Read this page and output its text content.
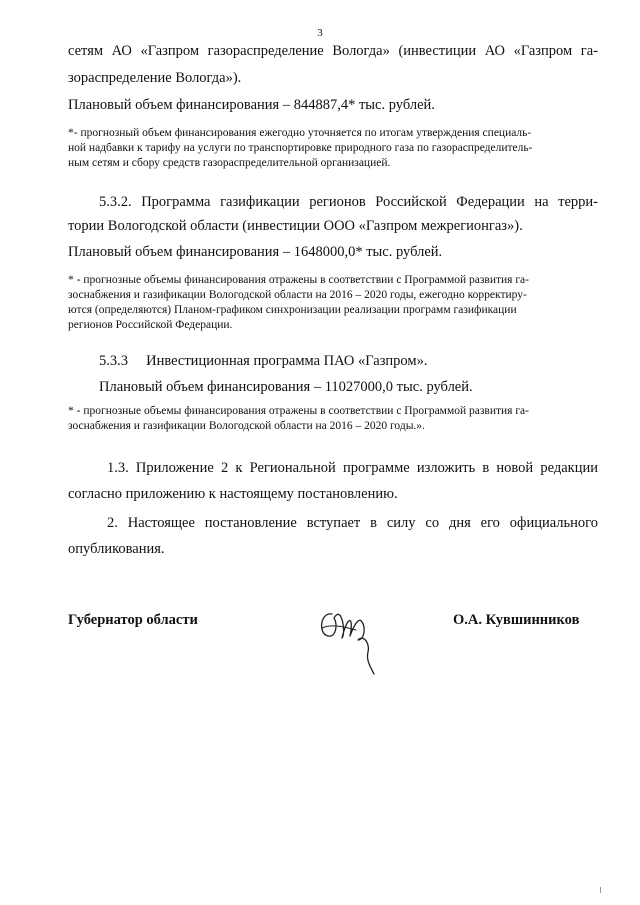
3
сетям АО «Газпром газораспределение Вологда» (инвестиции АО «Газпром га-
зораспределение Вологда»).
Плановый объем финансирования – 844887,4* тыс. рублей.
*- прогнозный объем финансирования ежегодно уточняется по итогам утверждения специаль-
ной надбавки к тарифу на услуги по транспортировке природного газа по газораспределитель-
ным сетям и сбору средств газораспределительной организацией.
5.3.2. Программа газификации регионов Российской Федерации на терри-
тории Вологодской области (инвестиции ООО «Газпром межрегионгаз»).
Плановый объем финансирования – 1648000,0* тыс. рублей.
* - прогнозные объемы финансирования отражены в соответствии с Программой развития га-
зоснабжения и газификации Вологодской области на 2016 – 2020 годы, ежегодно корректиру-
ются (определяются) Планом-графиком синхронизации реализации программ газификации
регионов Российской Федерации.
5.3.3     Инвестиционная программа ПАО «Газпром».
Плановый объем финансирования – 11027000,0 тыс. рублей.
* - прогнозные объемы финансирования отражены в соответствии с Программой развития га-
зоснабжения и газификации Вологодской области на 2016 – 2020 годы.».
1.3. Приложение 2 к Региональной программе изложить в новой редакции
согласно приложению к настоящему постановлению.
2. Настоящее постановление вступает в силу со дня его официального
опубликования.
Губернатор области	О.А. Кувшинников
